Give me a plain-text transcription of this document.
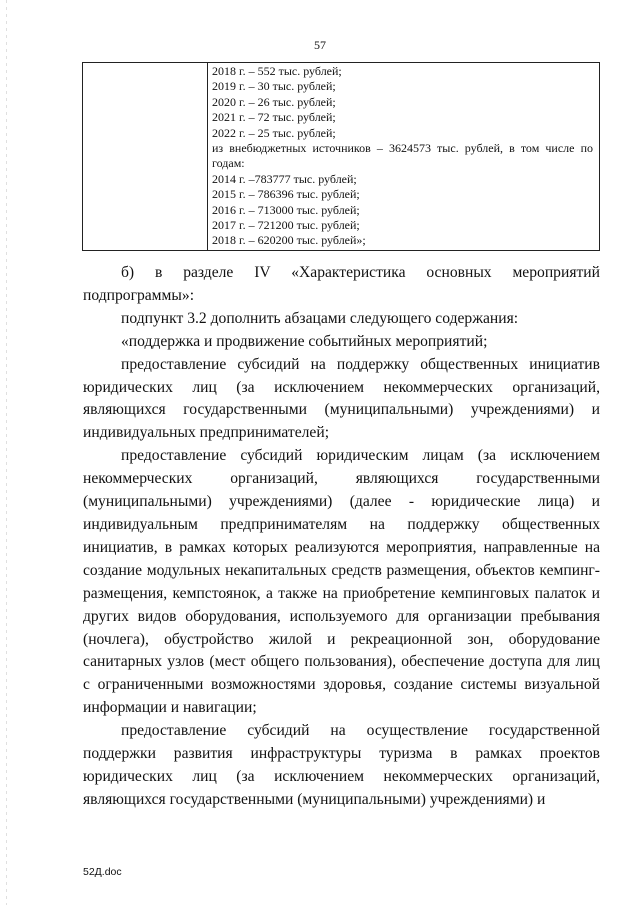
57

2018 г. – 552 тыс. рублей;
2019 г. – 30 тыс. рублей;
2020 г. – 26 тыс. рублей;
2021 г. – 72 тыс. рублей;
2022 г. – 25 тыс. рублей;
из внебюджетных источников – 3624573 тыс. рублей, в том числе по годам:
2014 г. –783777 тыс. рублей;
2015 г. – 786396 тыс. рублей;
2016 г. – 713000 тыс. рублей;
2017 г. – 721200 тыс. рублей;
2018 г. – 620200 тыс. рублей»;

б) в разделе IV «Характеристика основных мероприятий подпрограммы»:

подпункт 3.2 дополнить абзацами следующего содержания:

«поддержка и продвижение событийных мероприятий;

предоставление субсидий на поддержку общественных инициатив юридических лиц (за исключением некоммерческих организаций, являющихся государственными (муниципальными) учреждениями) и индивидуальных предпринимателей;

предоставление субсидий юридическим лицам (за исключением некоммерческих организаций, являющихся государственными (муниципальными) учреждениями) (далее - юридические лица) и индивидуальным предпринимателям на поддержку общественных инициатив, в рамках которых реализуются мероприятия, направленные на создание модульных некапитальных средств размещения, объектов кемпинг-размещения, кемпстоянок, а также на приобретение кемпинговых палаток и других видов оборудования, используемого для организации пребывания (ночлега), обустройство жилой и рекреационной зон, оборудование санитарных узлов (мест общего пользования), обеспечение доступа для лиц с ограниченными возможностями здоровья, создание системы визуальной информации и навигации;

предоставление субсидий на осуществление государственной поддержки развития инфраструктуры туризма в рамках проектов юридических лиц (за исключением некоммерческих организаций, являющихся государственными (муниципальными) учреждениями) и

52Д.doc
